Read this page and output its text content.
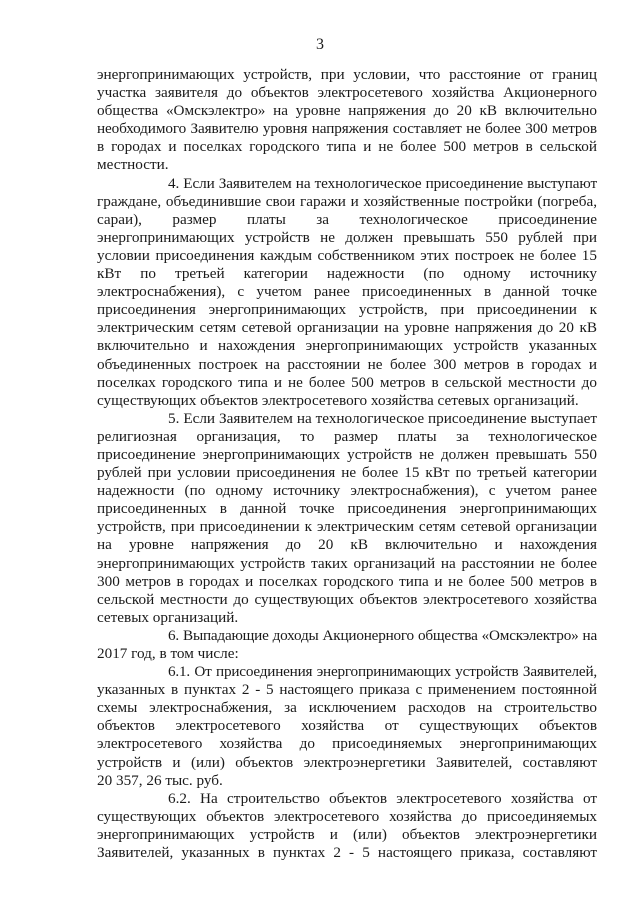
3
энергопринимающих устройств, при условии, что расстояние от границ
участка заявителя до объектов электросетевого хозяйства Акционерного
общества «Омскэлектро» на уровне напряжения до 20 кВ включительно
необходимого Заявителю уровня напряжения составляет не более 300 метров
в городах и поселках городского типа и не более 500 метров в сельской
местности.
4. Если Заявителем на технологическое присоединение выступают
граждане, объединившие свои гаражи и хозяйственные постройки (погреба,
сараи), размер платы за технологическое присоединение
энергопринимающих устройств не должен превышать 550 рублей при
условии присоединения каждым собственником этих построек не более 15
кВт по третьей категории надежности (по одному источнику
электроснабжения), с учетом ранее присоединенных в данной точке
присоединения энергопринимающих устройств, при присоединении к
электрическим сетям сетевой организации на уровне напряжения до 20 кВ
включительно и нахождения энергопринимающих устройств указанных
объединенных построек на расстоянии не более 300 метров в городах и
поселках городского типа и не более 500 метров в сельской местности до
существующих объектов электросетевого хозяйства сетевых организаций.
5. Если Заявителем на технологическое присоединение выступает
религиозная организация, то размер платы за технологическое
присоединение энергопринимающих устройств не должен превышать 550
рублей при условии присоединения не более 15 кВт по третьей категории
надежности (по одному источнику электроснабжения), с учетом ранее
присоединенных в данной точке присоединения энергопринимающих
устройств, при присоединении к электрическим сетям сетевой организации
на уровне напряжения до 20 кВ включительно и нахождения
энергопринимающих устройств таких организаций на расстоянии не более
300 метров в городах и поселках городского типа и не более 500 метров в
сельской местности до существующих объектов электросетевого хозяйства
сетевых организаций.
6. Выпадающие доходы Акционерного общества «Омскэлектро» на
2017 год, в том числе:
6.1. От присоединения энергопринимающих устройств Заявителей,
указанных в пунктах 2 - 5 настоящего приказа с применением постоянной
схемы электроснабжения, за исключением расходов на строительство
объектов электросетевого хозяйства от существующих объектов
электросетевого хозяйства до присоединяемых энергопринимающих
устройств и (или) объектов электроэнергетики Заявителей, составляют
20 357, 26 тыс. руб.
6.2. На строительство объектов электросетевого хозяйства от
существующих объектов электросетевого хозяйства до присоединяемых
энергопринимающих устройств и (или) объектов электроэнергетики
Заявителей, указанных в пунктах 2 - 5 настоящего приказа, составляют
